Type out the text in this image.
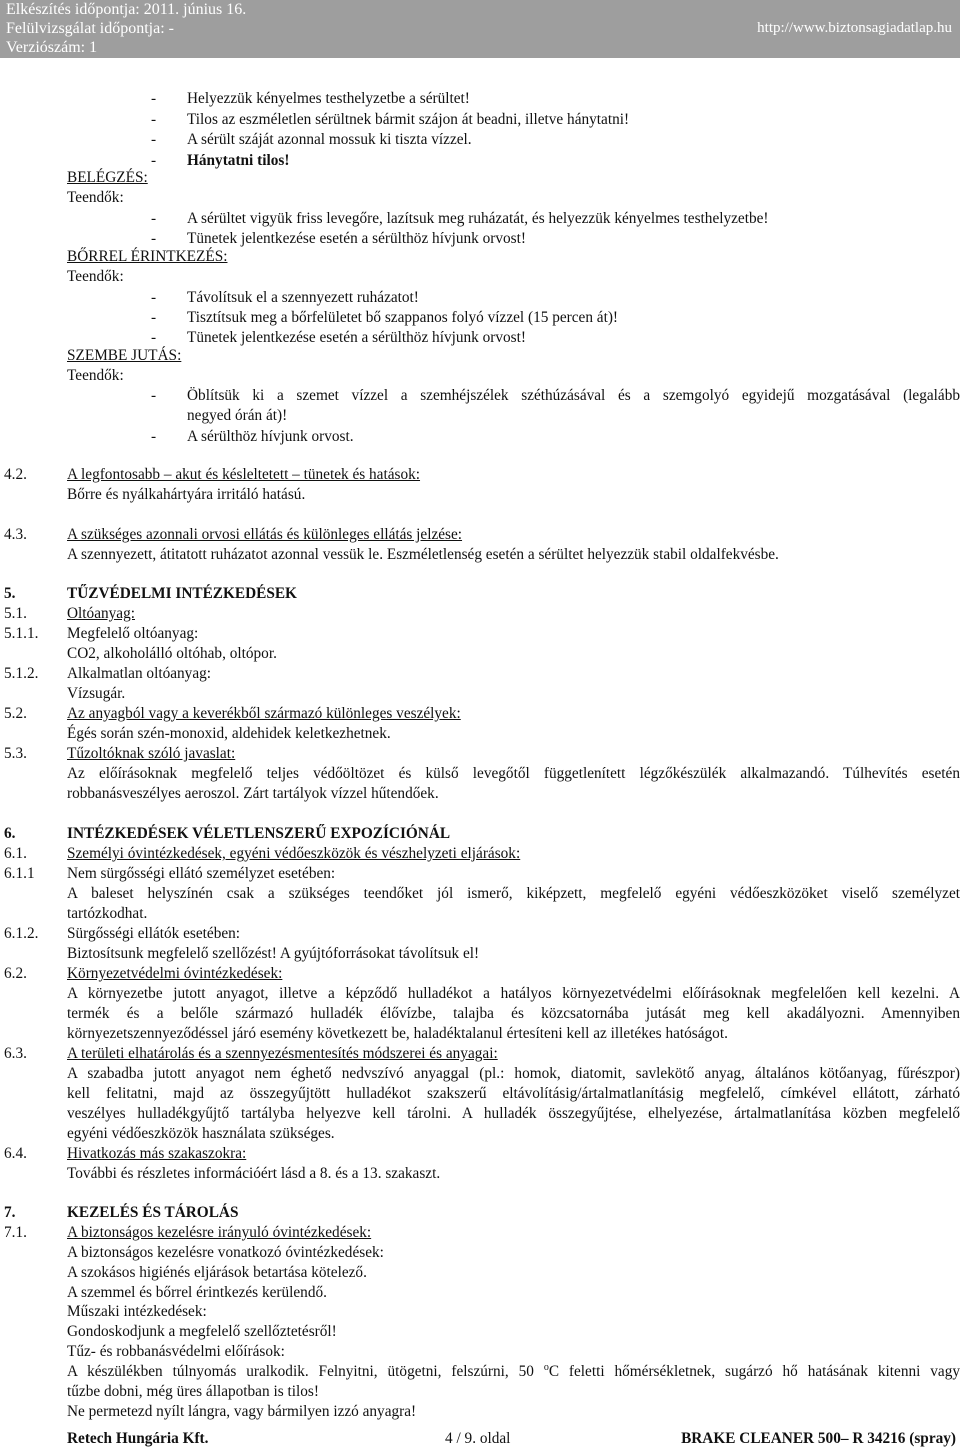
Elkészítés időpontja: 2011. június 16.
Felülvizsgálat időpontja: -
Verziószám: 1
http://www.biztonsagiadatlap.hu
- Helyezzük kényelmes testhelyzetbe a sérültet!
- Tilos az eszméletlen sérültnek bármit szájon át beadni, illetve hánytatni!
- A sérült száját azonnal mossuk ki tiszta vízzel.
- Hánytatni tilos!
BELÉGZÉS:
Teendők:
- A sérültet vigyük friss levegőre, lazítsuk meg ruházatát, és helyezzük kényelmes testhelyzetbe!
- Tünetek jelentkezése esetén a sérülthöz hívjunk orvost!
BŐRREL ÉRINTKEZÉS:
Teendők:
- Távolítsuk el a szennyezett ruházatot!
- Tisztítsuk meg a bőrfelületet bő szappanos folyó vízzel (15 percen át)!
- Tünetek jelentkezése esetén a sérülthöz hívjunk orvost!
SZEMBE JUTÁS:
Teendők:
- Öblítsük ki a szemet vízzel a szemhéjszélek széthúzásával és a szemgolyó egyidejű mozgatásával (legalább
negyed órán át)!
- A sérülthöz hívjunk orvost.
4.2.	A legfontosabb – akut és késleltetett – tünetek és hatások:
Bőrre és nyálkahártyára irritáló hatású.
4.3.	A szükséges azonnali orvosi ellátás és különleges ellátás jelzése:
A szennyezett, átitatott ruházatot azonnal vessük le. Eszméletlenség esetén a sérültet helyezzük stabil oldalfekvésbe.
5.	TŰZVÉDELMI INTÉZKEDÉSEK
5.1.	Oltóanyag:
5.1.1. Megfelelő oltóanyag:
CO2, alkoholálló oltóhab, oltópor.
5.1.2. Alkalmatlan oltóanyag:
Vízsugár.
5.2.	Az anyagból vagy a keverékből származó különleges veszélyek:
Égés során szén-monoxid, aldehidek keletkezhetnek.
5.3.	Tűzoltóknak szóló javaslat:
Az előírásoknak megfelelő teljes védőöltözet és külső levegőtől függetlenített légzőkészülék alkalmazandó. Túlhevítés esetén
robbanásveszélyes aeroszol. Zárt tartályok vízzel hűtendőek.
6.	INTÉZKEDÉSEK VÉLETLENSZERŰ EXPOZÍCIÓNÁL
6.1.	Személyi óvintézkedések, egyéni védőeszközök és vészhelyzeti eljárások:
6.1.1 Nem sürgősségi ellátó személyzet esetében:
A baleset helyszínén csak a szükséges teendőket jól ismerő, kiképzett, megfelelő egyéni védőeszközöket viselő személyzet
tartózkodhat.
6.1.2. Sürgősségi ellátók esetében:
Biztosítsunk megfelelő szellőzést! A gyújtóforrásokat távolítsuk el!
6.2.	Környezetvédelmi óvintézkedések:
A környezetbe jutott anyagot, illetve a képződő hulladékot a hatályos környezetvédelmi előírásoknak megfelelően kell kezelni. A
termék és a belőle származó hulladék élővízbe, talajba és közcsatornába jutását meg kell akadályozni. Amennyiben
környezetszennyeződéssel járó esemény következett be, haladéktalanul értesíteni kell az illetékes hatóságot.
6.3.	A területi elhatárolás és a szennyezésmentesítés módszerei és anyagai:
A szabadba jutott anyagot nem éghető nedvszívó anyaggal (pl.: homok, diatomit, savlekötő anyag, általános kötőanyag, fűrészpor)
kell felitatni, majd az összegyűjtött hulladékot szakszerű eltávolításig/ártalmatlanításig megfelelő, címkével ellátott, zárható
veszélyes hulladékgyűjtő tartályba helyezve kell tárolni. A hulladék összegyűjtése, elhelyezése, ártalmatlanítása közben megfelelő
egyéni védőeszközök használata szükséges.
6.4.	Hivatkozás más szakaszokra:
További és részletes információért lásd a 8. és a 13. szakaszt.
7.	KEZELÉS ÉS TÁROLÁS
7.1.	A biztonságos kezelésre irányuló óvintézkedések:
A biztonságos kezelésre vonatkozó óvintézkedések:
A szokásos higiénés eljárások betartása kötelező.
A szemmel és bőrrel érintkezés kerülendő.
Műszaki intézkedések:
Gondoskodjunk a megfelelő szellőztetésről!
Tűz- és robbanásvédelmi előírások:
A készülékben túlnyomás uralkodik. Felnyitni, ütögetni, felszúrni, 50 $^o$C feletti hőmérsékletnek, sugárzó hő hatásának kitenni vagy
tűzbe dobni, még üres állapotban is tilos!
Ne permetezd nyílt lángra, vagy bármilyen izzó anyagra!
Retech Hungária Kft.	4 / 9. oldal	BRAKE CLEANER 500– R 34216 (spray)
